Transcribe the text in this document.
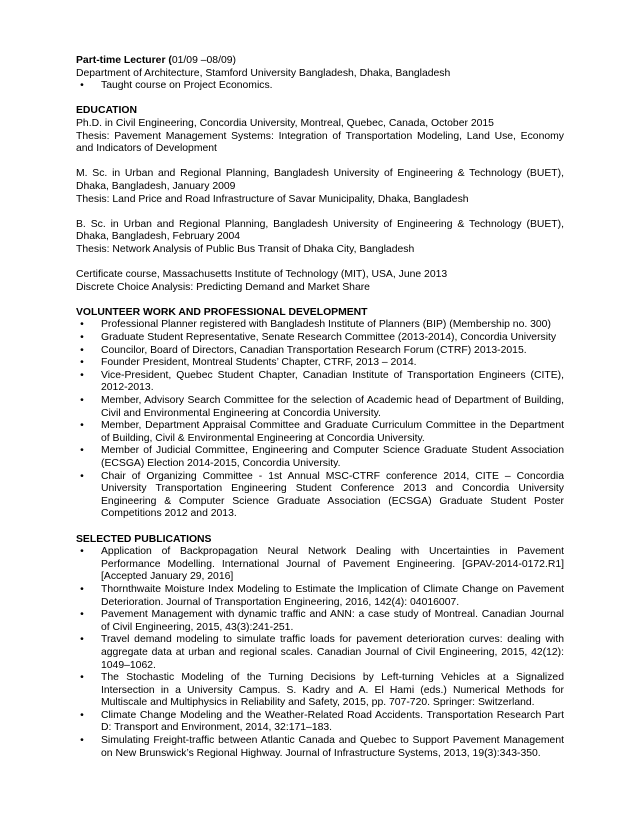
Part-time Lecturer (01/09 –08/09)
Department of Architecture, Stamford University Bangladesh, Dhaka, Bangladesh
•	Taught course on Project Economics.
EDUCATION
Ph.D. in Civil Engineering, Concordia University, Montreal, Quebec, Canada, October 2015
Thesis: Pavement Management Systems: Integration of Transportation Modeling, Land Use, Economy and Indicators of Development
M. Sc. in Urban and Regional Planning, Bangladesh University of Engineering & Technology (BUET), Dhaka, Bangladesh, January 2009
Thesis: Land Price and Road Infrastructure of Savar Municipality, Dhaka, Bangladesh
B. Sc. in Urban and Regional Planning, Bangladesh University of Engineering & Technology (BUET), Dhaka, Bangladesh, February 2004
Thesis: Network Analysis of Public Bus Transit of Dhaka City, Bangladesh
Certificate course, Massachusetts Institute of Technology (MIT), USA, June 2013
Discrete Choice Analysis: Predicting Demand and Market Share
VOLUNTEER WORK AND PROFESSIONAL DEVELOPMENT
•	Professional Planner registered with Bangladesh Institute of Planners (BIP) (Membership no. 300)
•	Graduate Student Representative, Senate Research Committee (2013-2014), Concordia University
•	Councilor, Board of Directors, Canadian Transportation Research Forum (CTRF) 2013-2015.
•	Founder President, Montreal Students’ Chapter, CTRF, 2013 – 2014.
•	Vice-President, Quebec Student Chapter, Canadian Institute of Transportation Engineers (CITE), 2012-2013.
•	Member, Advisory Search Committee for the selection of Academic head of Department of Building, Civil and Environmental Engineering at Concordia University.
•	Member, Department Appraisal Committee and Graduate Curriculum Committee in the Department of Building, Civil & Environmental Engineering at Concordia University.
•	Member of Judicial Committee, Engineering and Computer Science Graduate Student Association (ECSGA) Election 2014-2015, Concordia University.
•	Chair of Organizing Committee - 1st Annual MSC-CTRF conference 2014, CITE – Concordia University Transportation Engineering Student Conference 2013 and Concordia University Engineering & Computer Science Graduate Association (ECSGA) Graduate Student Poster Competitions 2012 and 2013.
SELECTED PUBLICATIONS
•	Application of Backpropagation Neural Network Dealing with Uncertainties in Pavement Performance Modelling. International Journal of Pavement Engineering. [GPAV-2014-0172.R1] [Accepted January 29, 2016]
•	Thornthwaite Moisture Index Modeling to Estimate the Implication of Climate Change on Pavement Deterioration. Journal of Transportation Engineering, 2016, 142(4): 04016007.
•	Pavement Management with dynamic traffic and ANN: a case study of Montreal. Canadian Journal of Civil Engineering, 2015, 43(3):241-251.
•	Travel demand modeling to simulate traffic loads for pavement deterioration curves: dealing with aggregate data at urban and regional scales. Canadian Journal of Civil Engineering, 2015, 42(12): 1049–1062.
•	The Stochastic Modeling of the Turning Decisions by Left-turning Vehicles at a Signalized Intersection in a University Campus. S. Kadry and A. El Hami (eds.) Numerical Methods for Multiscale and Multiphysics in Reliability and Safety, 2015, pp. 707-720. Springer: Switzerland.
•	Climate Change Modeling and the Weather-Related Road Accidents. Transportation Research Part D: Transport and Environment, 2014, 32:171–183.
•	Simulating Freight-traffic between Atlantic Canada and Quebec to Support Pavement Management on New Brunswick’s Regional Highway. Journal of Infrastructure Systems, 2013, 19(3):343-350.
